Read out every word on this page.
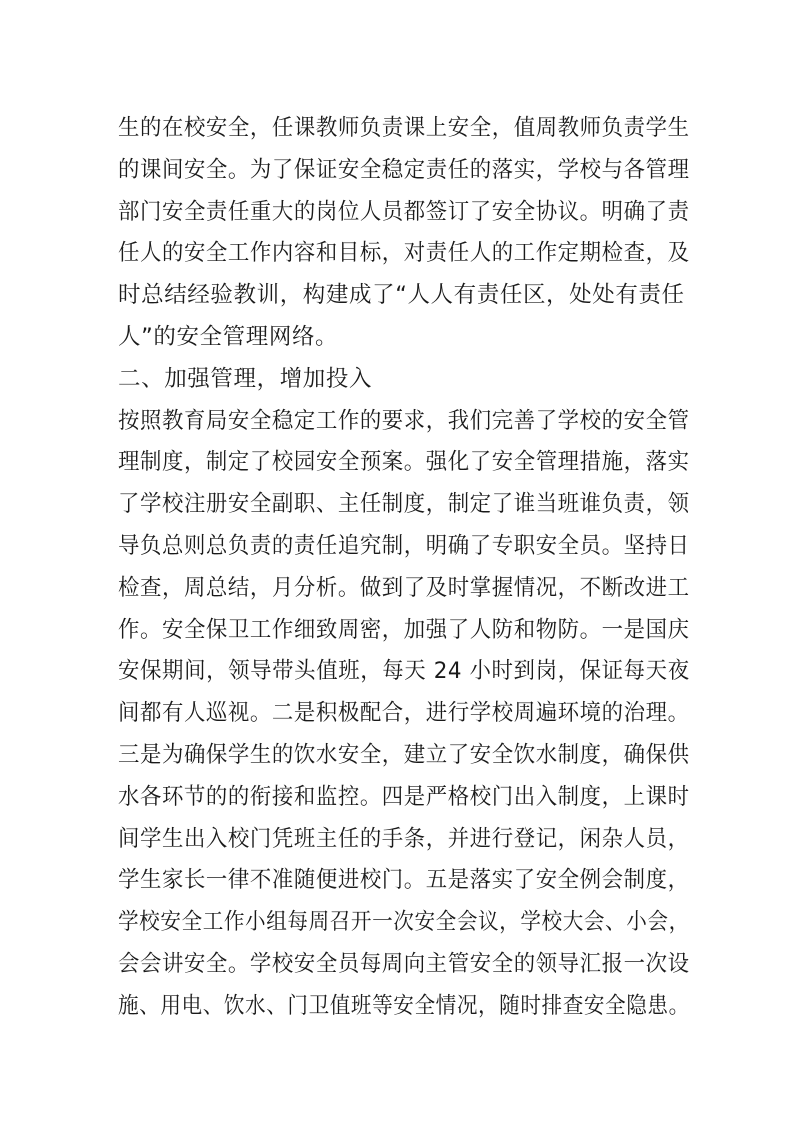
生的在校安全，任课教师负责课上安全，值周教师负责学生
的课间安全。为了保证安全稳定责任的落实，学校与各管理
部门安全责任重大的岗位人员都签订了安全协议。明确了责
任人的安全工作内容和目标，对责任人的工作定期检查，及
时总结经验教训，构建成了“人人有责任区，处处有责任
人”的安全管理网络。
二、加强管理，增加投入
按照教育局安全稳定工作的要求，我们完善了学校的安全管
理制度，制定了校园安全预案。强化了安全管理措施，落实
了学校注册安全副职、主任制度，制定了谁当班谁负责，领
导负总则总负责的责任追究制，明确了专职安全员。坚持日
检查，周总结，月分析。做到了及时掌握情况，不断改进工
作。安全保卫工作细致周密，加强了人防和物防。一是国庆
安保期间，领导带头值班，每天 24 小时到岗，保证每天夜
间都有人巡视。二是积极配合，进行学校周遍环境的治理。
三是为确保学生的饮水安全，建立了安全饮水制度，确保供
水各环节的的衔接和监控。四是严格校门出入制度，上课时
间学生出入校门凭班主任的手条，并进行登记，闲杂人员，
学生家长一律不准随便进校门。五是落实了安全例会制度，
学校安全工作小组每周召开一次安全会议，学校大会、小会，
会会讲安全。学校安全员每周向主管安全的领导汇报一次设
施、用电、饮水、门卫值班等安全情况，随时排查安全隐患。
